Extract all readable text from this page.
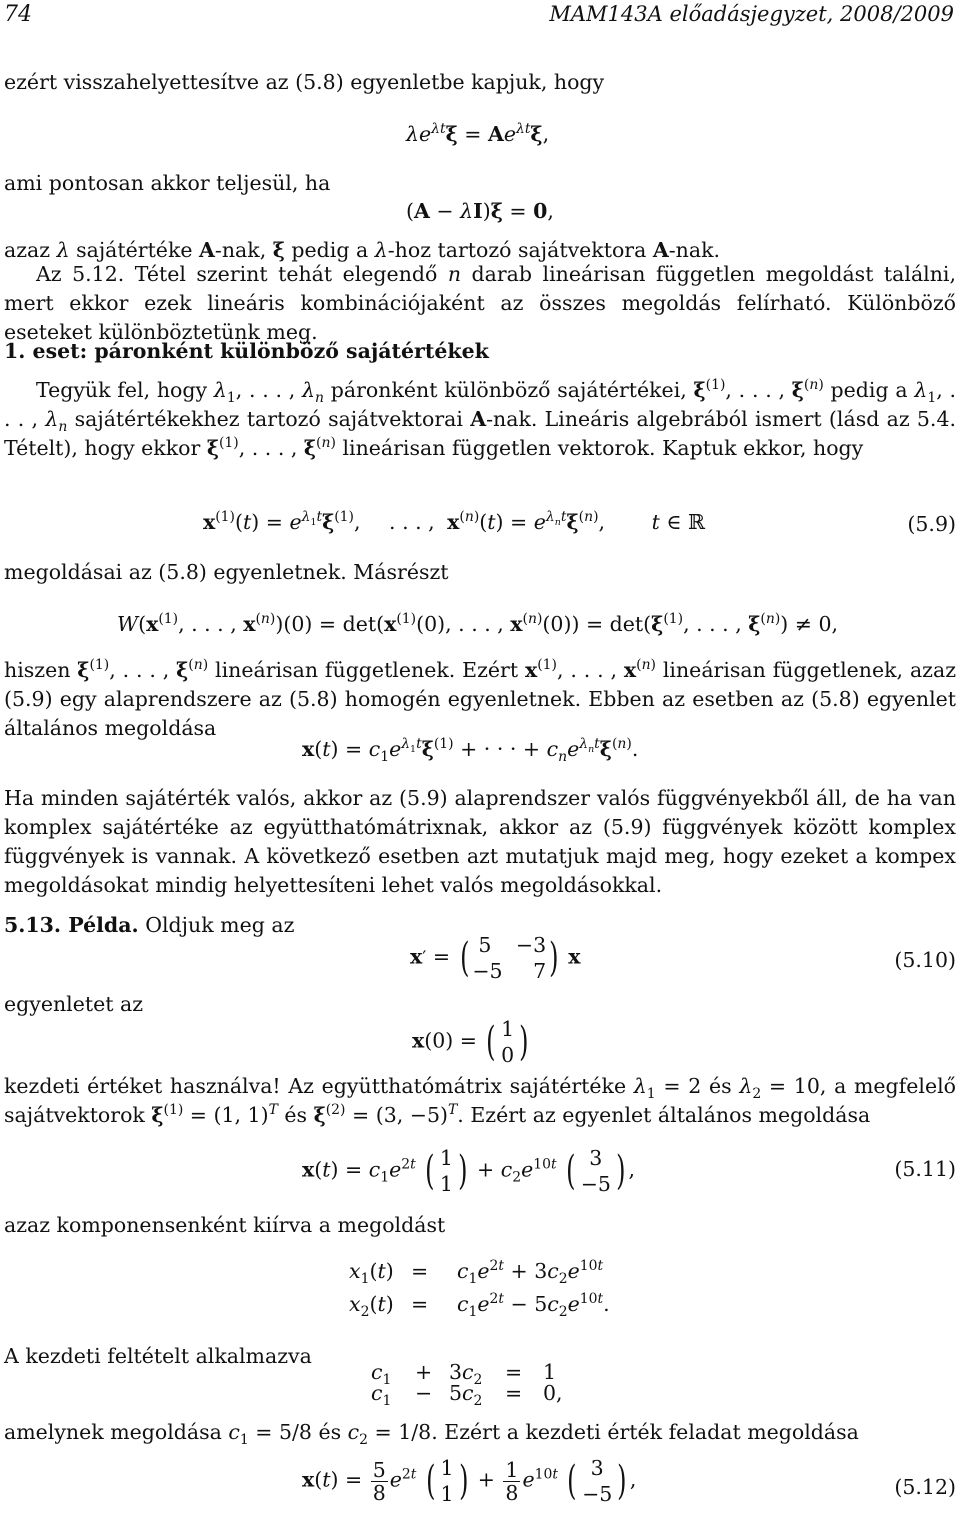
74	MAM143A előadásjegyzet, 2008/2009
ezért visszahelyettesítve az (5.8) egyenletbe kapjuk, hogy
$\lambda e^{\lambda t}\xi = Ae^{\lambda t}\xi$,
ami pontosan akkor teljesül, ha
(A − λI)ξ = 0,
azaz λ sajátértéke A-nak, ξ pedig a λ-hoz tartozó sajátvektora A-nak.
Az 5.12. Tétel szerint tehát elegendő n darab lineárisan független megoldást találni, mert ekkor ezek lineáris kombinációjaként az összes megoldás felírható. Különböző eseteket különböztetünk meg.
1. eset: páronként különböző sajátértékek
Tegyük fel, hogy $\lambda_1$, . . . , $\lambda_n$ páronként különböző sajátértékei, $\xi^{(1)}$, . . . , $\xi^{(n)}$ pedig a $\lambda_1$, . . . , $\lambda_n$ sajátértékekhez tartozó sajátvektorai A-nak. Lineáris algebrából ismert (lásd az 5.4. Tételt), hogy ekkor $\xi^{(1)}$, . . . , $\xi^{(n)}$ lineárisan független vektorok. Kaptuk ekkor, hogy
$x^{(1)}(t) = e^{\lambda_1t}\xi^{(1)}$, . . . , $x^{(n)}(t) = e^{\lambda_nt}\xi^{(n)}$, t ∈ ℝ	(5.9)
megoldásai az (5.8) egyenletnek. Másrészt
$W(x^{(1)}$, . . . , $x^{(n)})(0) = \det(x^{(1)}(0)$, . . . , $x^{(n)}(0)) = \det(\xi^{(1)}$, . . . , $\xi^{(n)}) \ne 0$,
hiszen $\xi^{(1)}$, . . . , $\xi^{(n)}$ lineárisan függetlenek. Ezért $x^{(1)}$, . . . , $x^{(n)}$ lineárisan függetlenek, azaz (5.9) egy alaprendszere az (5.8) homogén egyenletnek. Ebben az esetben az (5.8) egyenlet általános megoldása
$x(t) = c_1e^{\lambda_1t}\xi^{(1)}$ + · · · + $c_ne^{\lambda_nt}\xi^{(n)}$.
Ha minden sajátérték valós, akkor az (5.9) alaprendszer valós függvényekből áll, de ha van komplex sajátértéke az együtthatómátrixnak, akkor az (5.9) függvények között komplex függvények is vannak. A következő esetben azt mutatjuk majd meg, hogy ezeket a kompex megoldásokat mindig helyettesíteni lehet valós megoldásokkal.
5.13. Példa. Oldjuk meg az
x′ = ( 5 −3
−5 7 ) x	(5.10)
egyenletet az
x(0) = ( 1
0 )
kezdeti értéket használva! Az együtthatómátrix sajátértéke $\lambda_1 = 2$ és $\lambda_2 = 10$, a megfelelő sajátvektorok $\xi^{(1)} = (1$, 1)$^T$ és $\xi^{(2)} = (3$, −5)$^T$. Ezért az egyenlet általános megoldása
$x(t) = c_1e^{2t}$ ( 1
1 ) + $c_2e^{10t}$ ( 3
−5 ) ,	(5.11)
azaz komponensenként kiírva a megoldást
$x_1(t) = c_1e^{2t} + 3c_2e^{10t}$
$x_2(t) = c_1e^{2t} - 5c_2e^{10t}$.
A kezdeti feltételt alkalmazva
$c_1 + 3c_2 = 1$
$c_1 - 5c_2 = 0$,
amelynek megoldása $c_1 = 5/8$ és $c_2 = 1/8$. Ezért a kezdeti érték feladat megoldása
$x(t) = \frac{5}{8} e^{2t}$ ( 1
1 ) + $\frac{1}{8} e^{10t}$ ( 3
−5 ) ,	(5.12)
